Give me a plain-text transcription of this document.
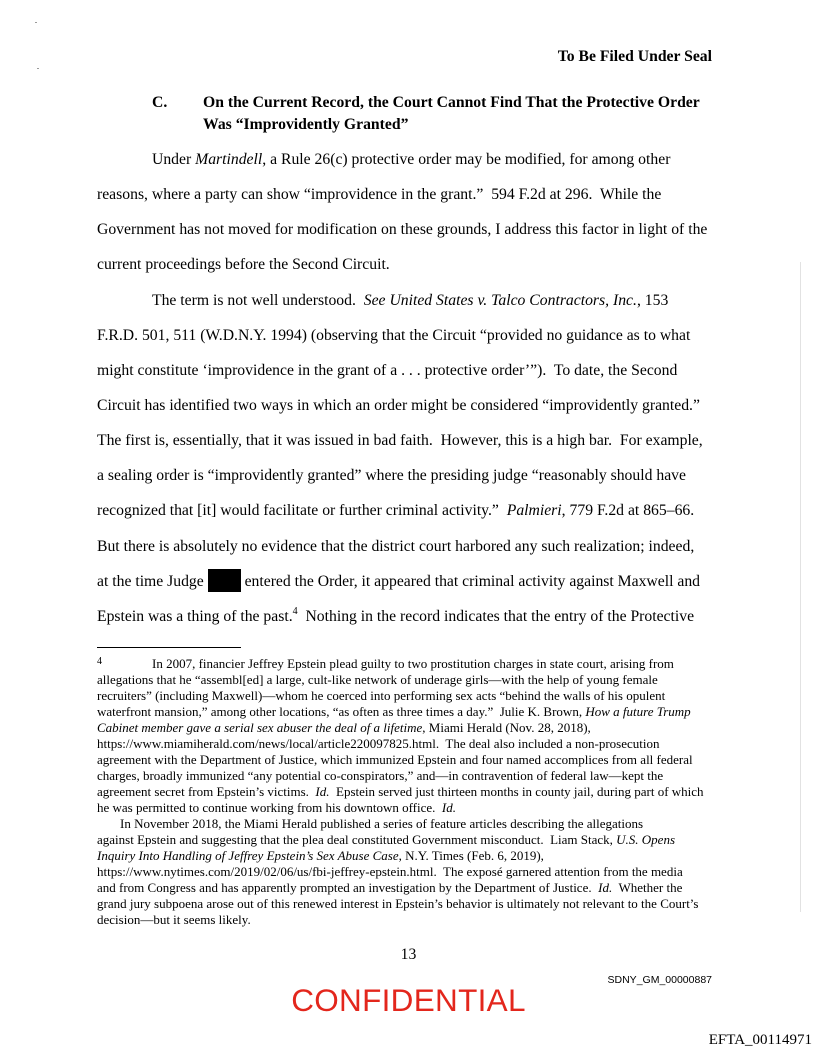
To Be Filed Under Seal
C. On the Current Record, the Court Cannot Find That the Protective Order
Was “Improvidently Granted”
Under Martindell, a Rule 26(c) protective order may be modified, for among other
reasons, where a party can show “improvidence in the grant.”  594 F.2d at 296.  While the
Government has not moved for modification on these grounds, I address this factor in light of the
current proceedings before the Second Circuit.
The term is not well understood.  See United States v. Talco Contractors, Inc., 153
F.R.D. 501, 511 (W.D.N.Y. 1994) (observing that the Circuit “provided no guidance as to what
might constitute ‘improvidence in the grant of a . . . protective order’”).  To date, the Second
Circuit has identified two ways in which an order might be considered “improvidently granted.”
The first is, essentially, that it was issued in bad faith.  However, this is a high bar.  For example,
a sealing order is “improvidently granted” where the presiding judge “reasonably should have
recognized that [it] would facilitate or further criminal activity.”  Palmieri, 779 F.2d at 865–66.
But there is absolutely no evidence that the district court harbored any such realization; indeed,
at the time Judge  entered the Order, it appeared that criminal activity against Maxwell and
Epstein was a thing of the past.$^4$  Nothing in the record indicates that the entry of the Protective
4	In 2007, financier Jeffrey Epstein plead guilty to two prostitution charges in state court, arising from
allegations that he “assembl[ed] a large, cult-like network of underage girls—with the help of young female
recruiters” (including Maxwell)—whom he coerced into performing sex acts “behind the walls of his opulent
waterfront mansion,” among other locations, “as often as three times a day.”  Julie K. Brown, How a future Trump
Cabinet member gave a serial sex abuser the deal of a lifetime, Miami Herald (Nov. 28, 2018),
https://www.miamiherald.com/news/local/article220097825.html.  The deal also included a non-prosecution
agreement with the Department of Justice, which immunized Epstein and four named accomplices from all federal
charges, broadly immunized “any potential co-conspirators,” and—in contravention of federal law—kept the
agreement secret from Epstein’s victims.  Id.  Epstein served just thirteen months in county jail, during part of which
he was permitted to continue working from his downtown office.  Id.
In November 2018, the Miami Herald published a series of feature articles describing the allegations
against Epstein and suggesting that the plea deal constituted Government misconduct.  Liam Stack, U.S. Opens
Inquiry Into Handling of Jeffrey Epstein’s Sex Abuse Case, N.Y. Times (Feb. 6, 2019),
https://www.nytimes.com/2019/02/06/us/fbi-jeffrey-epstein.html.  The exposé garnered attention from the media
and from Congress and has apparently prompted an investigation by the Department of Justice.  Id.  Whether the
grand jury subpoena arose out of this renewed interest in Epstein’s behavior is ultimately not relevant to the Court’s
decision—but it seems likely.
13
SDNY_GM_00000887
CONFIDENTIAL
EFTA_00114971
